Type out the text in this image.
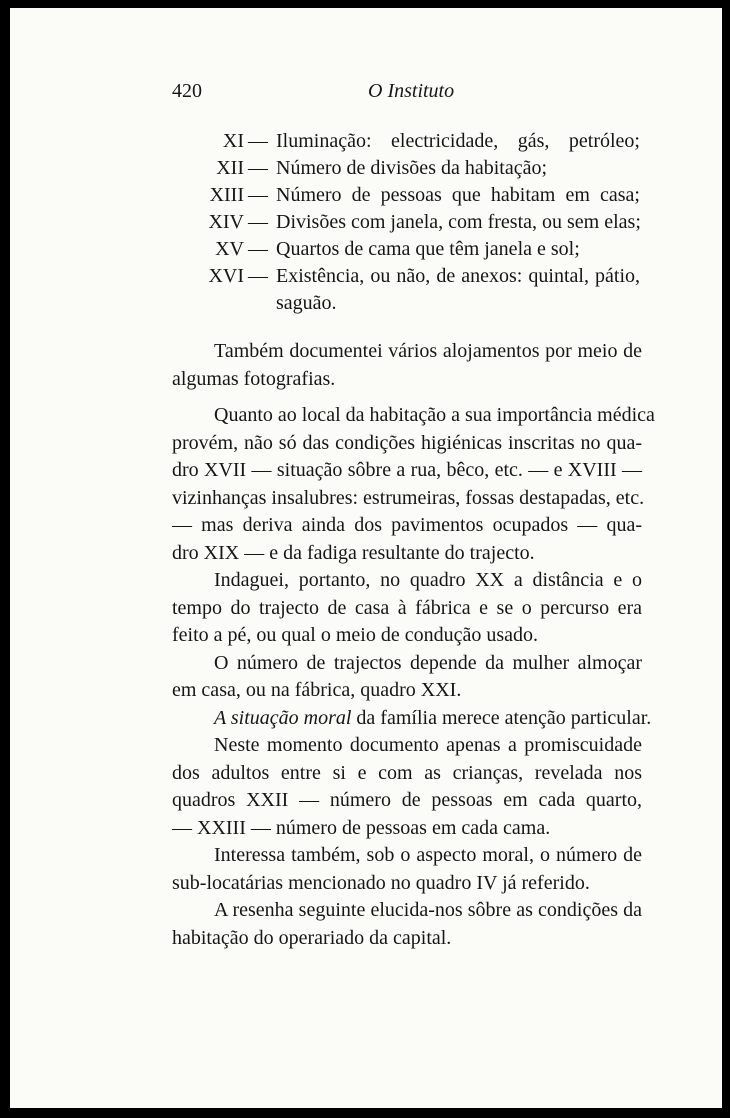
420	O Instituto
XI — Iluminação: electricidade, gás, petróleo;
XII — Número de divisões da habitação;
XIII — Número de pessoas que habitam em casa;
XIV — Divisões com janela, com fresta, ou sem elas;
XV — Quartos de cama que têm janela e sol;
XVI — Existência, ou não, de anexos: quintal, pátio,
saguão.
Também documentei vários alojamentos por meio de
algumas fotografias.
Quanto ao local da habitação a sua importância médica
provém, não só das condições higiénicas inscritas no qua-
dro XVII — situação sôbre a rua, bêco, etc. — e XVIII —
vizinhanças insalubres: estrumeiras, fossas destapadas, etc.
— mas deriva ainda dos pavimentos ocupados — qua-
dro XIX — e da fadiga resultante do trajecto.
Indaguei, portanto, no quadro XX a distância e o
tempo do trajecto de casa à fábrica e se o percurso era
feito a pé, ou qual o meio de condução usado.
O número de trajectos depende da mulher almoçar
em casa, ou na fábrica, quadro XXI.
A situação moral da família merece atenção particular.
Neste momento documento apenas a promiscuidade
dos adultos entre si e com as crianças, revelada nos
quadros XXII — número de pessoas em cada quarto,
— XXIII — número de pessoas em cada cama.
Interessa também, sob o aspecto moral, o número de
sub-locatárias mencionado no quadro IV já referido.
A resenha seguinte elucida-nos sôbre as condições da
habitação do operariado da capital.
